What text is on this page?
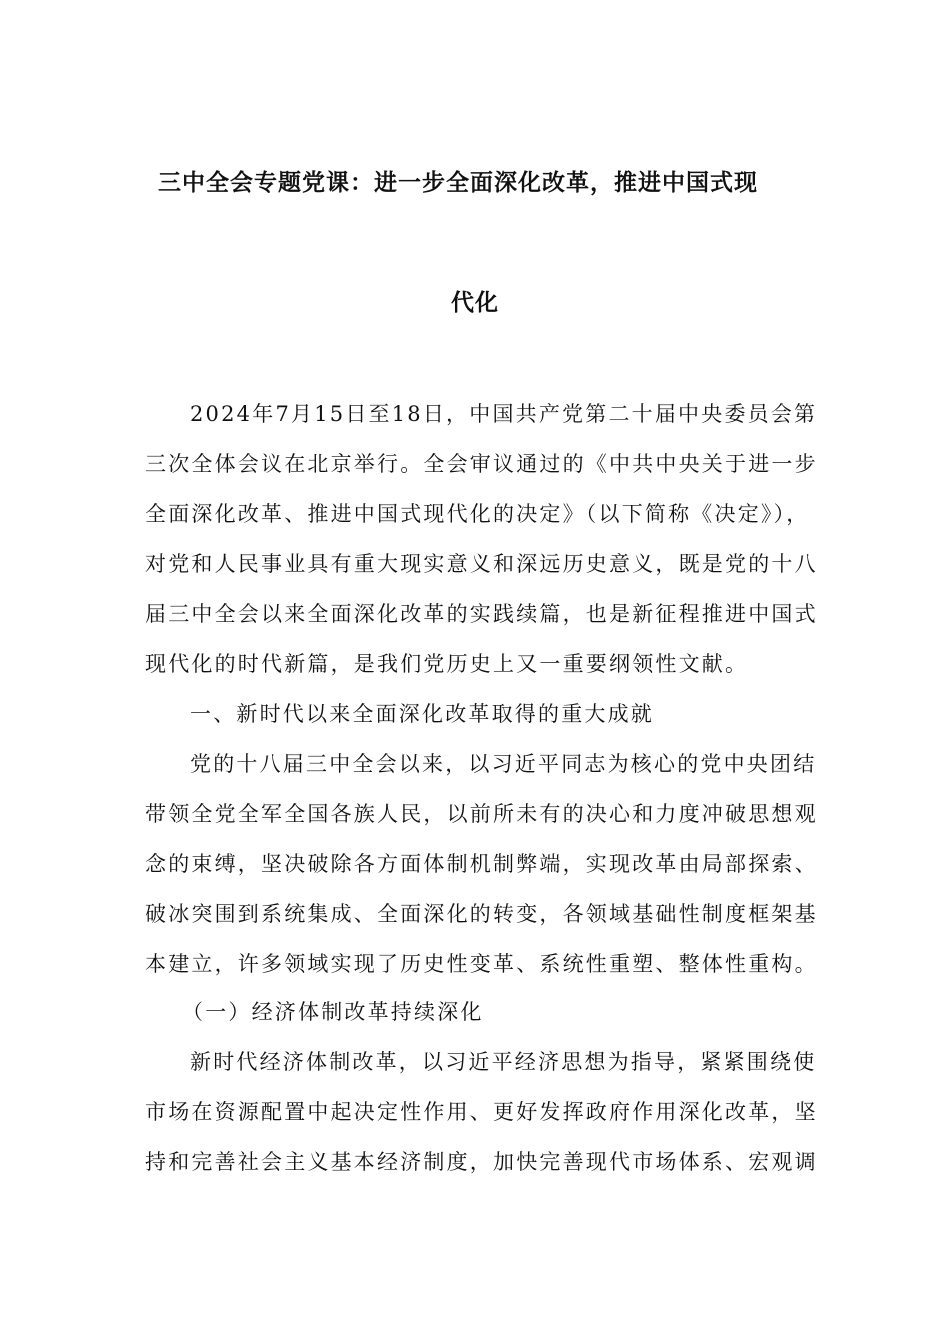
三中全会专题党课：进一步全面深化改革，推进中国式现
代化
2024年7月15日至18日，中国共产党第二十届中央委员会第
三次全体会议在北京举行。全会审议通过的《中共中央关于进一步
全面深化改革、推进中国式现代化的决定》（以下简称《决定》），
对党和人民事业具有重大现实意义和深远历史意义，既是党的十八
届三中全会以来全面深化改革的实践续篇，也是新征程推进中国式
现代化的时代新篇，是我们党历史上又一重要纲领性文献。
一、新时代以来全面深化改革取得的重大成就
党的十八届三中全会以来，以习近平同志为核心的党中央团结
带领全党全军全国各族人民，以前所未有的决心和力度冲破思想观
念的束缚，坚决破除各方面体制机制弊端，实现改革由局部探索、
破冰突围到系统集成、全面深化的转变，各领域基础性制度框架基
本建立，许多领域实现了历史性变革、系统性重塑、整体性重构。
（一）经济体制改革持续深化
新时代经济体制改革，以习近平经济思想为指导，紧紧围绕使
市场在资源配置中起决定性作用、更好发挥政府作用深化改革，坚
持和完善社会主义基本经济制度，加快完善现代市场体系、宏观调
